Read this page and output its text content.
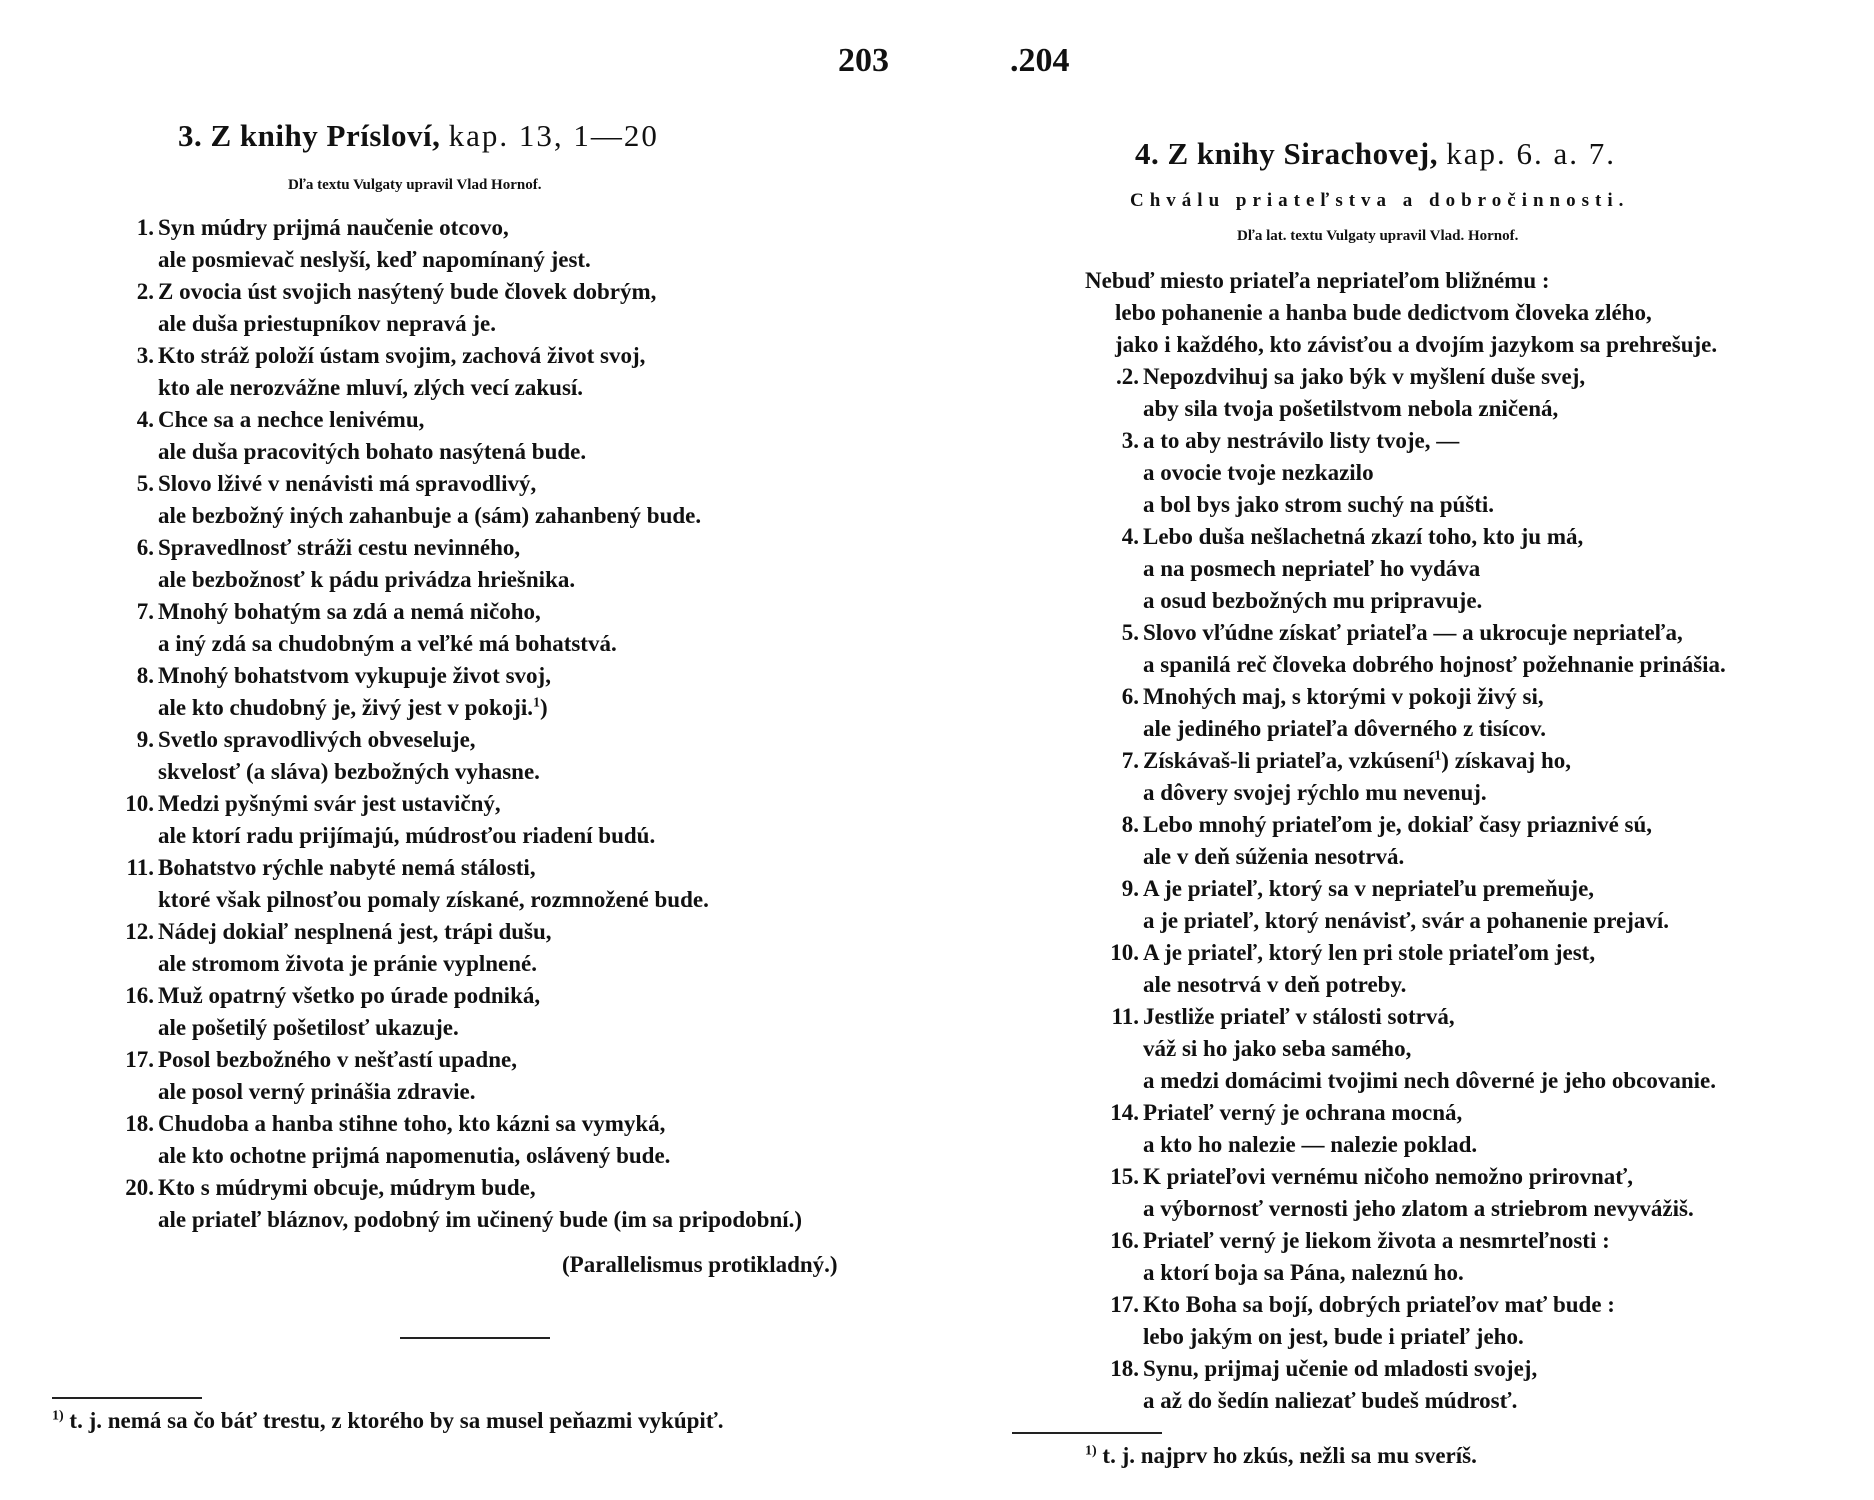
203
3. Z knihy Prísloví, kap. 13, 1—20
Dľa textu Vulgaty upravil Vlad Hornof.
1. Syn múdry prijmá naučenie otcovo,
ale posmievač neslyší, keď napomínaný jest.
2. Z ovocia úst svojich nasýtený bude človek dobrým,
ale duša priestupníkov nepravá je.
3. Kto stráž položí ústam svojim, zachová život svoj,
kto ale nerozvážne mluví, zlých vecí zakusí.
4. Chce sa a nechce lenivému,
ale duša pracovitých bohato nasýtená bude.
5. Slovo lživé v nenávisti má spravodlivý,
ale bezbožný iných zahanbuje a (sám) zahanbený bude.
6. Spravedlnosť stráži cestu nevinného,
ale bezbožnosť k pádu privádza hriešnika.
7. Mnohý bohatým sa zdá a nemá ničoho,
a iný zdá sa chudobným a veľké má bohatstvá.
8. Mnohý bohatstvom vykupuje život svoj,
ale kto chudobný je, živý jest v pokoji.$^1$)
9. Svetlo spravodlivých obveseluje,
skvelosť (a sláva) bezbožných vyhasne.
10. Medzi pyšnými svár jest ustavičný,
ale ktorí radu prijímajú, múdrosťou riadení budú.
11. Bohatstvo rýchle nabyté nemá stálosti,
ktoré však pilnosťou pomaly získané, rozmnožené bude.
12. Nádej dokiaľ nesplnená jest, trápi dušu,
ale stromom života je pránie vyplnené.
16. Muž opatrný všetko po úrade podniká,
ale pošetilý pošetilosť ukazuje.
17. Posol bezbožného v nešťastí upadne,
ale posol verný prinášia zdravie.
18. Chudoba a hanba stihne toho, kto kázni sa vymyká,
ale kto ochotne prijmá napomenutia, oslávený bude.
20. Kto s múdrymi obcuje, múdrym bude,
ale priateľ bláznov, podobný im učinený bude (im sa pripodobní.)
(Parallelismus protikladný.)
$^{1)}$ t. j. nemá sa čo báť trestu, z ktorého by sa musel peňazmi vykúpiť.
.204
4. Z knihy Sirachovej, kap. 6. a. 7.
Chválu priateľstva a dobročinnosti.
Dľa lat. textu Vulgaty upravil Vlad. Hornof.
Nebuď miesto priateľa nepriateľom bližnému :
lebo pohanenie a hanba bude dedictvom človeka zlého,
jako i každého, kto závisťou a dvojím jazykom sa prehrešuje.
.2. Nepozdvihuj sa jako býk v myšlení duše svej,
aby sila tvoja pošetilstvom nebola zničená,
3. a to aby nestrávilo listy tvoje, —
a ovocie tvoje nezkazilo
a bol bys jako strom suchý na púšti.
4. Lebo duša nešlachetná zkazí toho, kto ju má,
a na posmech nepriateľ ho vydáva
a osud bezbožných mu pripravuje.
5. Slovo vľúdne získať priateľa — a ukrocuje nepriateľa,
a spanilá reč človeka dobrého hojnosť požehnanie prinášia.
6. Mnohých maj, s ktorými v pokoji živý si,
ale jediného priateľa dôverného z tisícov.
7. Získávaš-li priateľa, vzkúsení$^1$) získavaj ho,
a dôvery svojej rýchlo mu nevenuj.
8. Lebo mnohý priateľom je, dokiaľ časy priaznivé sú,
ale v deň súženia nesotrvá.
9. A je priateľ, ktorý sa v nepriateľu premeňuje,
a je priateľ, ktorý nenávisť, svár a pohanenie prejaví.
10. A je priateľ, ktorý len pri stole priateľom jest,
ale nesotrvá v deň potreby.
11. Jestliže priateľ v stálosti sotrvá,
váž si ho jako seba samého,
a medzi domácimi tvojimi nech dôverné je jeho obcovanie.
14. Priateľ verný je ochrana mocná,
a kto ho nalezie — nalezie poklad.
15. K priateľovi vernému ničoho nemožno prirovnať,
a výbornosť vernosti jeho zlatom a striebrom nevyvážiš.
16. Priateľ verný je liekom života a nesmrteľnosti :
a ktorí boja sa Pána, naleznú ho.
17. Kto Boha sa bojí, dobrých priateľov mať bude :
lebo jakým on jest, bude i priateľ jeho.
18. Synu, prijmaj učenie od mladosti svojej,
a až do šedín naliezať budeš múdrosť.
$^{1)}$ t. j. najprv ho zkús, nežli sa mu sveríš.
